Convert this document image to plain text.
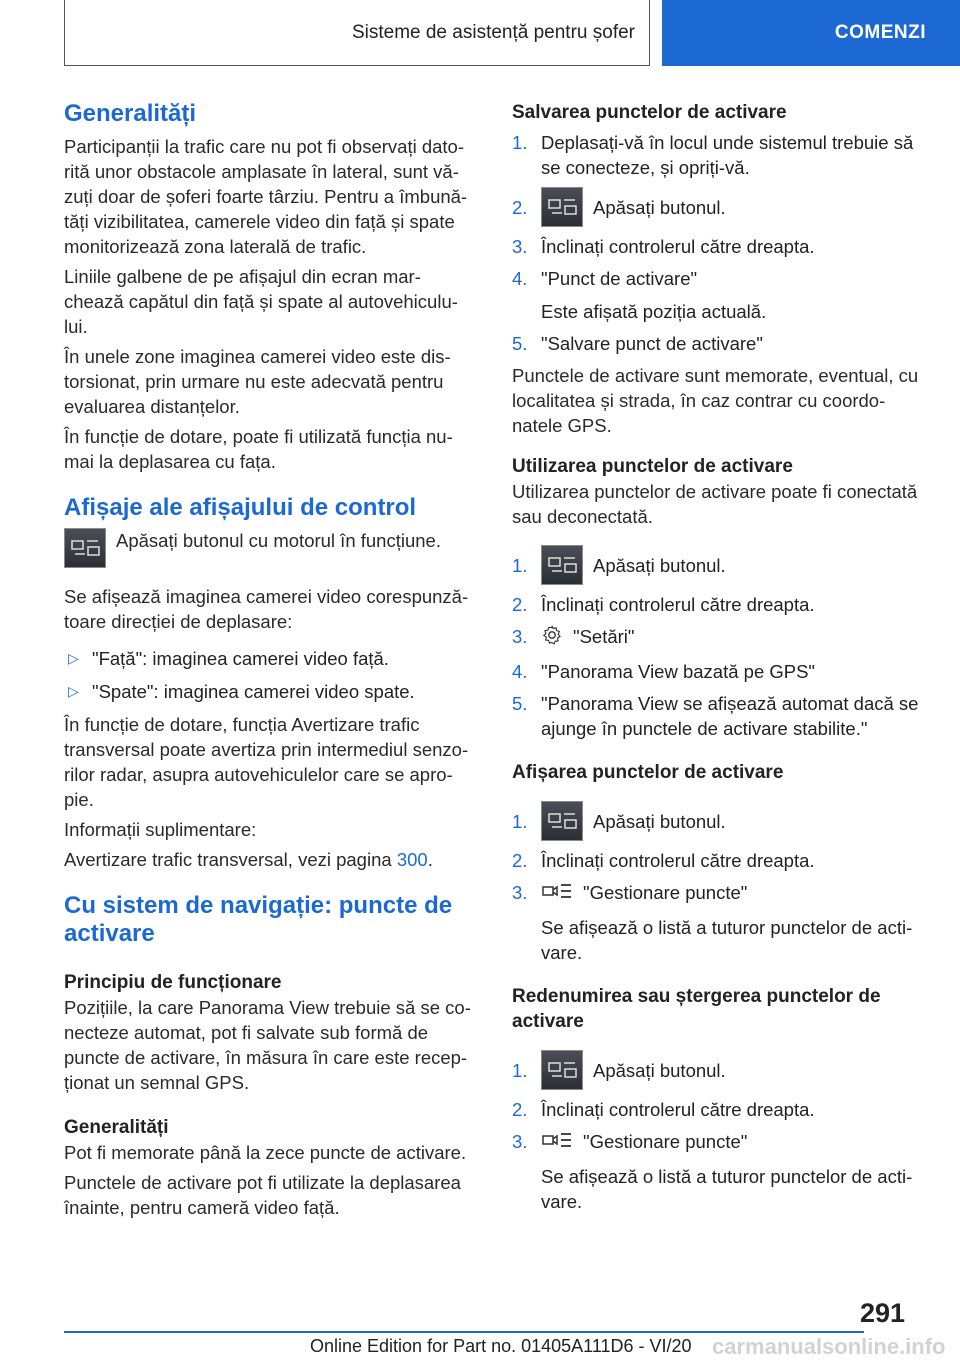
Sisteme de asistență pentru șofer	COMENZI
Generalități

Participanții la trafic care nu pot fi observați dato-rită unor obstacole amplasate în lateral, sunt vă-zuți doar de șoferi foarte târziu. Pentru a îmbună-tăți vizibilitatea, camerele video din față și spate monitorizează zona laterală de trafic.

Liniile galbene de pe afișajul din ecran mar-chează capătul din față și spate al autovehiculu-lui.

În unele zone imaginea camerei video este dis-torsionat, prin urmare nu este adecvată pentru evaluarea distanțelor.

În funcție de dotare, poate fi utilizată funcția nu-mai la deplasarea cu fața.

Afișaje ale afișajului de control

Apăsați butonul cu motorul în funcțiune.

Se afișează imaginea camerei video corespunză-toare direcției de deplasare:

▷ "Față": imaginea camerei video față.
▷ "Spate": imaginea camerei video spate.

În funcție de dotare, funcția Avertizare trafic transversal poate avertiza prin intermediul senzo-rilor radar, asupra autovehiculelor care se apro-pie.

Informații suplimentare:

Avertizare trafic transversal, vezi pagina 300.

Cu sistem de navigație: puncte de activare
Principiu de funcționare

Pozițiile, la care Panorama View trebuie să se co-necteze automat, pot fi salvate sub formă de puncte de activare, în măsura în care este recep-ționat un semnal GPS.

Generalități

Pot fi memorate până la zece puncte de activare.

Punctele de activare pot fi utilizate la deplasarea înainte, pentru cameră video față.

Salvarea punctelor de activare
1. Deplasați-vă în locul unde sistemul trebuie să se conecteze, și opriți-vă.
2.	Apăsați butonul.
3. Înclinați controlerul către dreapta.
4. "Punct de activare"
Este afișată poziția actuală.
5. "Salvare punct de activare"

Punctele de activare sunt memorate, eventual, cu localitatea și strada, în caz contrar cu coordo-natele GPS.

Utilizarea punctelor de activare

Utilizarea punctelor de activare poate fi conectată sau deconectată.

1.	Apăsați butonul.
2. Înclinați controlerul către dreapta.
3.	"Setări"
4. "Panorama View bazată pe GPS"
5. "Panorama View se afișează automat dacă se ajunge în punctele de activare stabilite."
Afișarea punctelor de activare
1.	Apăsați butonul.
2. Înclinați controlerul către dreapta.
3.	"Gestionare puncte"
Se afișează o listă a tuturor punctelor de acti-vare.
Redenumirea sau ștergerea punctelor de activare
1.	Apăsați butonul.
2. Înclinați controlerul către dreapta.
3.	"Gestionare puncte"
Se afișează o listă a tuturor punctelor de acti-vare.
291
Online Edition for Part no. 01405A111D6 - VI/20 carmanualsonline.info
